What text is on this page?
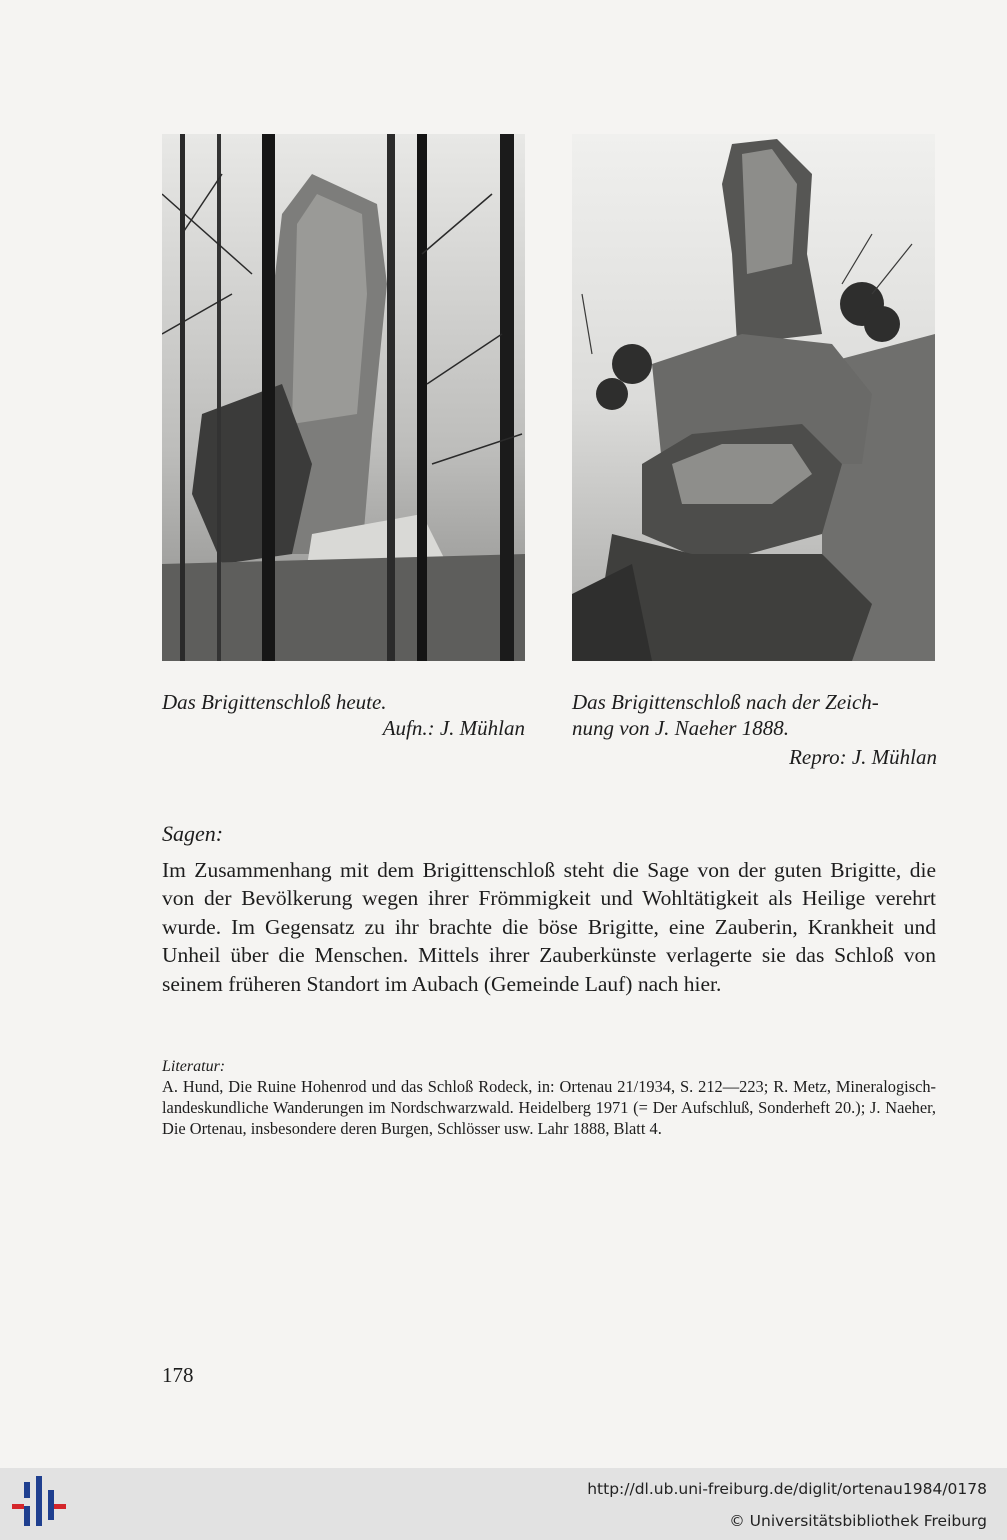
Das Brigittenschloß heute.
Aufn.: J. Mühlan
Das Brigittenschloß nach der Zeich-
nung von J. Naeher 1888.
Repro: J. Mühlan
Sagen:

Im Zusammenhang mit dem Brigittenschloß steht die Sage von der guten Brigitte, die von der Bevölkerung wegen ihrer Frömmigkeit und Wohltätigkeit als Heilige verehrt wurde. Im Gegensatz zu ihr brachte die böse Brigitte, eine Zauberin, Krankheit und Unheil über die Menschen. Mittels ihrer Zauberkünste verlagerte sie das Schloß von seinem früheren Standort im Aubach (Gemeinde Lauf) nach hier.

Literatur:

A. Hund, Die Ruine Hohenrod und das Schloß Rodeck, in: Ortenau 21/1934, S. 212—223; R. Metz, Mineralogisch-landeskundliche Wanderungen im Nordschwarzwald. Heidelberg 1971 (= Der Aufschluß, Sonderheft 20.); J. Naeher, Die Ortenau, insbesondere deren Burgen, Schlösser usw. Lahr 1888, Blatt 4.

178
http://dl.ub.uni-freiburg.de/diglit/ortenau1984/0178
© Universitätsbibliothek Freiburg
